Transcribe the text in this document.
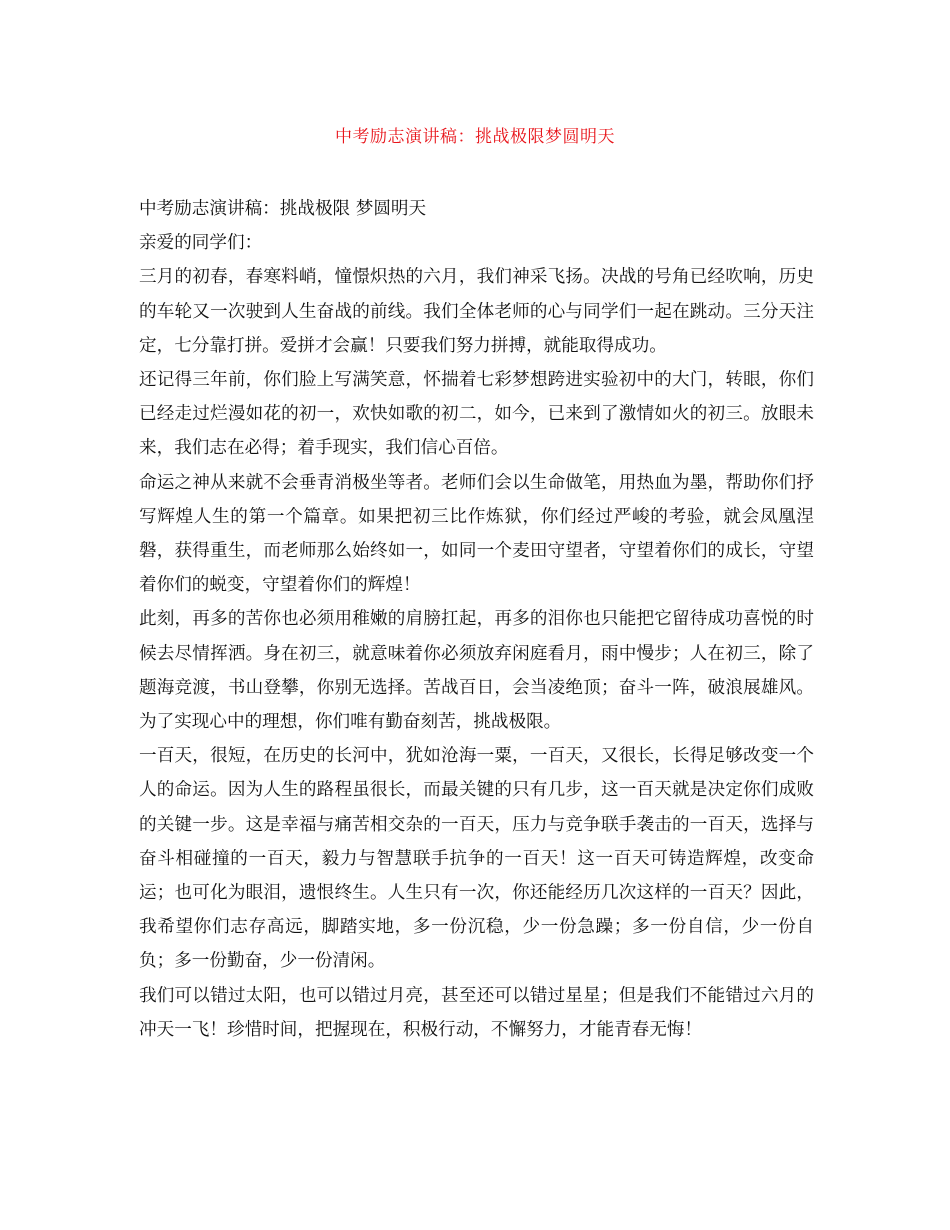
中考励志演讲稿：挑战极限梦圆明天

中考励志演讲稿：挑战极限 梦圆明天

亲爱的同学们：

三月的初春，春寒料峭，憧憬炽热的六月，我们神采飞扬。决战的号角已经吹响，历史的车轮又一次驶到人生奋战的前线。我们全体老师的心与同学们一起在跳动。三分天注定，七分靠打拼。爱拼才会赢！只要我们努力拼搏，就能取得成功。

还记得三年前，你们脸上写满笑意，怀揣着七彩梦想跨进实验初中的大门，转眼，你们已经走过烂漫如花的初一，欢快如歌的初二，如今，已来到了激情如火的初三。放眼未来，我们志在必得；着手现实，我们信心百倍。

命运之神从来就不会垂青消极坐等者。老师们会以生命做笔，用热血为墨，帮助你们抒写辉煌人生的第一个篇章。如果把初三比作炼狱，你们经过严峻的考验，就会凤凰涅磐，获得重生，而老师那么始终如一，如同一个麦田守望者，守望着你们的成长，守望着你们的蜕变，守望着你们的辉煌！

此刻，再多的苦你也必须用稚嫩的肩膀扛起，再多的泪你也只能把它留待成功喜悦的时候去尽情挥洒。身在初三，就意味着你必须放弃闲庭看月，雨中慢步；人在初三，除了题海竞渡，书山登攀，你别无选择。苦战百日，会当凌绝顶；奋斗一阵，破浪展雄风。为了实现心中的理想，你们唯有勤奋刻苦，挑战极限。

一百天，很短，在历史的长河中，犹如沧海一粟，一百天，又很长，长得足够改变一个人的命运。因为人生的路程虽很长，而最关键的只有几步，这一百天就是决定你们成败的关键一步。这是幸福与痛苦相交杂的一百天，压力与竞争联手袭击的一百天，选择与奋斗相碰撞的一百天，毅力与智慧联手抗争的一百天！这一百天可铸造辉煌，改变命运；也可化为眼泪，遗恨终生。人生只有一次，你还能经历几次这样的一百天？因此，我希望你们志存高远，脚踏实地，多一份沉稳，少一份急躁；多一份自信，少一份自负；多一份勤奋，少一份清闲。

我们可以错过太阳，也可以错过月亮，甚至还可以错过星星；但是我们不能错过六月的冲天一飞！珍惜时间，把握现在，积极行动，不懈努力，才能青春无悔！
